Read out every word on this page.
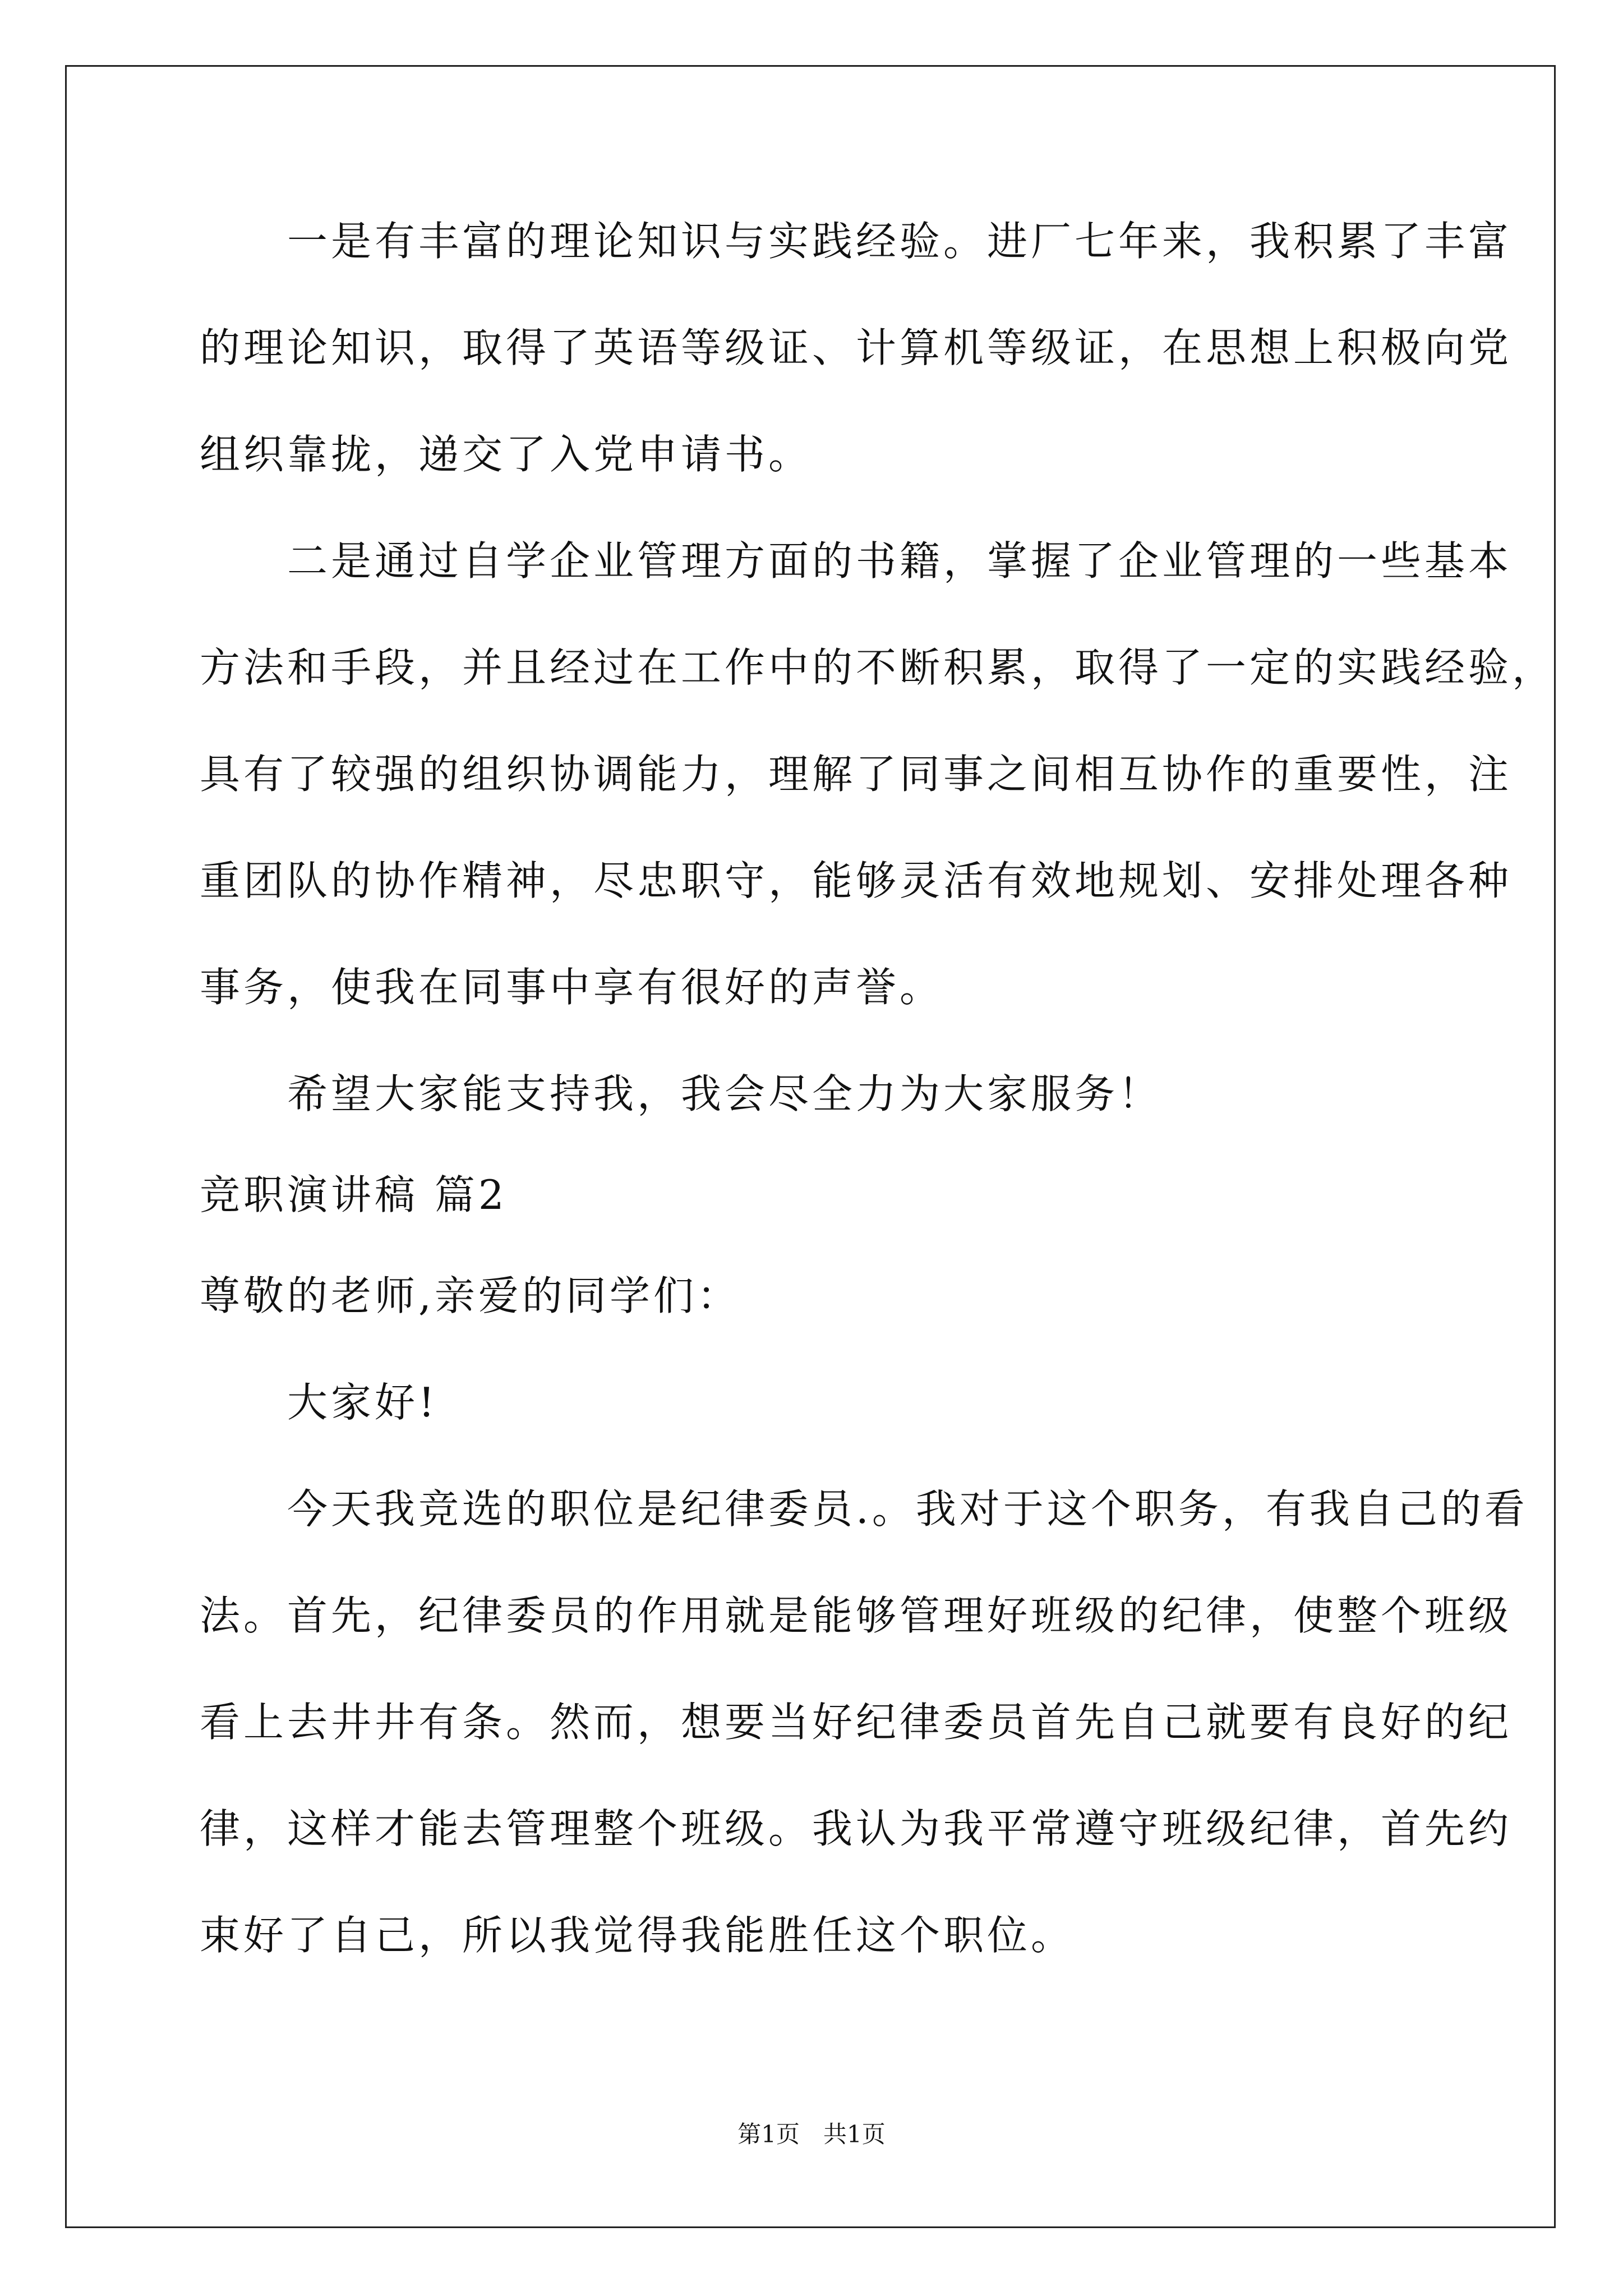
　　一是有丰富的理论知识与实践经验。进厂七年来，我积累了丰富
的理论知识，取得了英语等级证、计算机等级证，在思想上积极向党
组织靠拢，递交了入党申请书。
　　二是通过自学企业管理方面的书籍，掌握了企业管理的一些基本
方法和手段，并且经过在工作中的不断积累，取得了一定的实践经验，
具有了较强的组织协调能力，理解了同事之间相互协作的重要性，注
重团队的协作精神，尽忠职守，能够灵活有效地规划、安排处理各种
事务，使我在同事中享有很好的声誉。
　　希望大家能支持我，我会尽全力为大家服务！
竞职演讲稿 篇2
尊敬的老师,亲爱的同学们：
　　大家好!
　　今天我竞选的职位是纪律委员.。我对于这个职务，有我自己的看
法。首先，纪律委员的作用就是能够管理好班级的纪律，使整个班级
看上去井井有条。然而，想要当好纪律委员首先自己就要有良好的纪
律，这样才能去管理整个班级。我认为我平常遵守班级纪律，首先约
束好了自己，所以我觉得我能胜任这个职位。
第1页　共1页
